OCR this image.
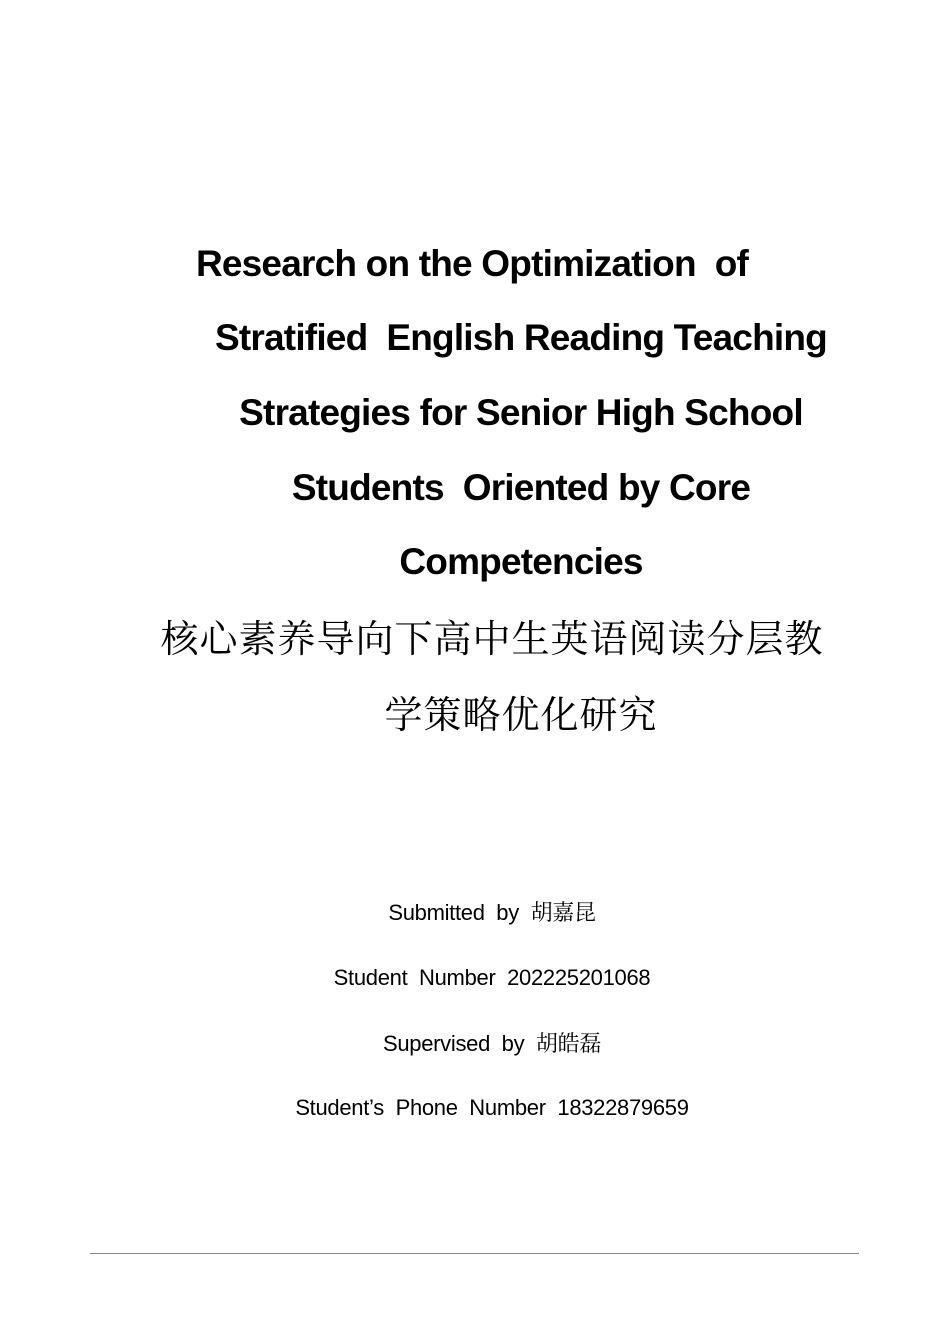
Research on the Optimization  of
Stratified  English Reading Teaching
Strategies for Senior High School
Students  Oriented by Core
Competencies
核心素养导向下高中生英语阅读分层教
学策略优化研究
Submitted  by  胡嘉昆
Student  Number  202225201068
Supervised  by  胡皓磊
Student’s  Phone  Number  18322879659
